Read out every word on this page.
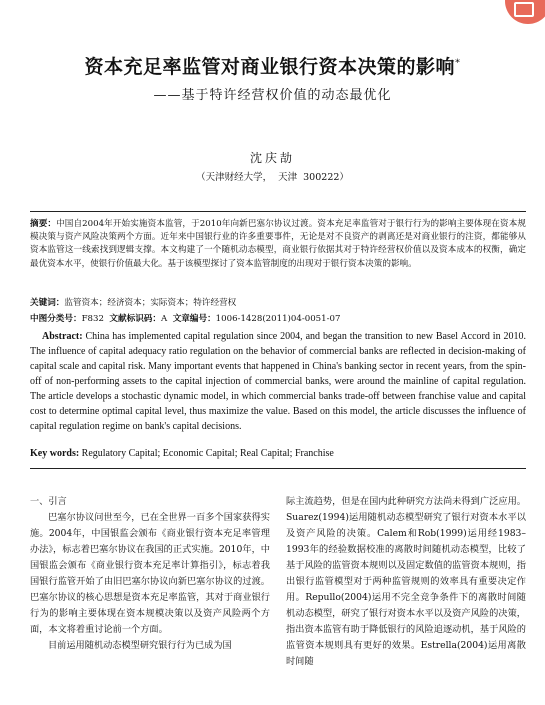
资本充足率监管对商业银行资本决策的影响*
——基于特许经营权价值的动态最优化
沈庆劼
（天津财经大学，  天津  300222）
摘要：中国自2004年开始实施资本监管，于2010年向新巴塞尔协议过渡。资本充足率监管对于银行行为的影响主要体现在资本规模决策与资产风险决策两个方面。近年来中国银行业的许多重要事件，无论是对不良资产的剥离还是对商业银行的注资，都能够从资本监管这一线索找到逻辑支撑。本文构建了一个随机动态模型，商业银行依据其对于特许经营权价值以及资本成本的权衡，确定最优资本水平，使银行价值最大化。基于该模型探讨了资本监管制度的出现对于银行资本决策的影响。
关键词：监管资本；经济资本；实际资本；特许经营权
中图分类号：F832 文献标识码：A 文章编号：1006-1428(2011)04-0051-07
Abstract: China has implemented capital regulation since 2004, and began the transition to new Basel Accord in 2010. The influence of capital adequacy ratio regulation on the behavior of commercial banks are reflected in decision-making of capital scale and capital risk. Many important events that happened in China's banking sector in recent years, from the spin-off of non-performing assets to the capital injection of commercial banks, were around the mainline of capital regulation. The article develops a stochastic dynamic model, in which commercial banks trade-off between franchise value and capital cost to determine optimal capital level, thus maximize the value. Based on this model, the article discusses the influence of capital regulation regime on bank's capital decisions.
Key words: Regulatory Capital; Economic Capital; Real Capital; Franchise

一、引言

巴塞尔协议问世至今，已在全世界一百多个国家获得实施。2004年，中国银监会颁布《商业银行资本充足率管理办法》，标志着巴塞尔协议在我国的正式实施。2010年，中国银监会颁布《商业银行资本充足率计算指引》，标志着我国银行监管开始了由旧巴塞尔协议向新巴塞尔协议的过渡。巴塞尔协议的核心思想是资本充足率监管，其对于商业银行行为的影响主要体现在资本规模决策以及资产风险两个方面，本文将着重讨论前一个方面。

目前运用随机动态模型研究银行行为已成为国

际主流趋势，但是在国内此种研究方法尚未得到广泛应用。Suarez(1994)运用随机动态模型研究了银行对资本水平以及资产风险的决策。Calem和Rob(1999)运用经1983–1993年的经验数据校准的离散时间随机动态模型，比较了基于风险的监管资本规则以及固定数值的监管资本规则，指出银行监管模型对于两种监管规则的效率具有重要决定作用。Repullo(2004)运用不完全竞争条件下的离散时间随机动态模型，研究了银行对资本水平以及资产风险的决策，指出资本监管有助于降低银行的风险追逐动机，基于风险的监管资本规则具有更好的效果。Estrella(2004)运用离散时间随
